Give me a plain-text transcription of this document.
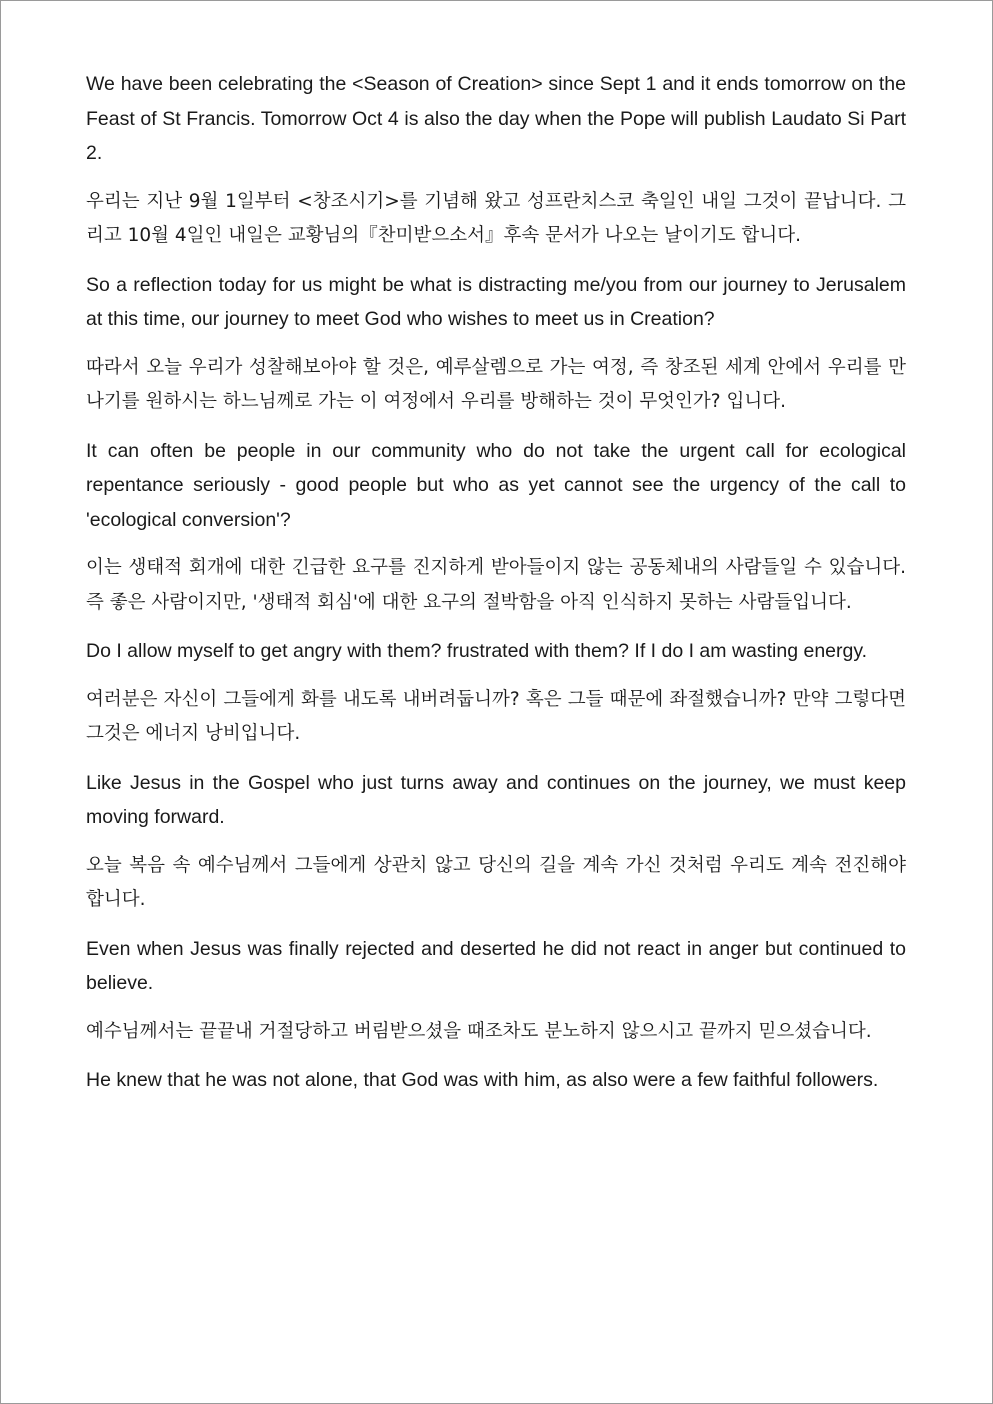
We have been celebrating the <Season of Creation> since Sept 1 and it ends tomorrow on the Feast of St Francis. Tomorrow Oct 4 is also the day when the Pope will publish Laudato Si Part 2.

우리는 지난 9월 1일부터 <창조시기>를 기념해 왔고 성프란치스코 축일인 내일 그것이 끝납니다. 그리고 10월 4일인 내일은 교황님의『찬미받으소서』후속 문서가 나오는 날이기도 합니다.

So a reflection today for us might be what is distracting me/you from our journey to Jerusalem at this time, our journey to meet God who wishes to meet us in Creation?

따라서 오늘 우리가 성찰해보아야 할 것은, 예루살렘으로 가는 여정, 즉 창조된 세계 안에서 우리를 만나기를 원하시는 하느님께로 가는 이 여정에서 우리를 방해하는 것이 무엇인가? 입니다.

It can often be people in our community who do not take the urgent call for ecological repentance seriously - good people but who as yet cannot see the urgency of the call to 'ecological conversion'?

이는 생태적 회개에 대한 긴급한 요구를 진지하게 받아들이지 않는 공동체내의 사람들일 수 있습니다. 즉 좋은 사람이지만, '생태적 회심'에 대한 요구의 절박함을 아직 인식하지 못하는 사람들입니다.

Do I allow myself to get angry with them? frustrated with them? If I do I am wasting energy.

여러분은 자신이 그들에게 화를 내도록 내버려둡니까? 혹은 그들 때문에 좌절했습니까? 만약 그렇다면 그것은 에너지 낭비입니다.

Like Jesus in the Gospel who just turns away and continues on the journey, we must keep moving forward.

오늘 복음 속 예수님께서 그들에게 상관치 않고 당신의 길을 계속 가신 것처럼 우리도 계속 전진해야 합니다.

Even when Jesus was finally rejected and deserted he did not react in anger but continued to believe.

예수님께서는 끝끝내 거절당하고 버림받으셨을 때조차도 분노하지 않으시고 끝까지 믿으셨습니다.

He knew that he was not alone, that God was with him, as also were a few faithful followers.
